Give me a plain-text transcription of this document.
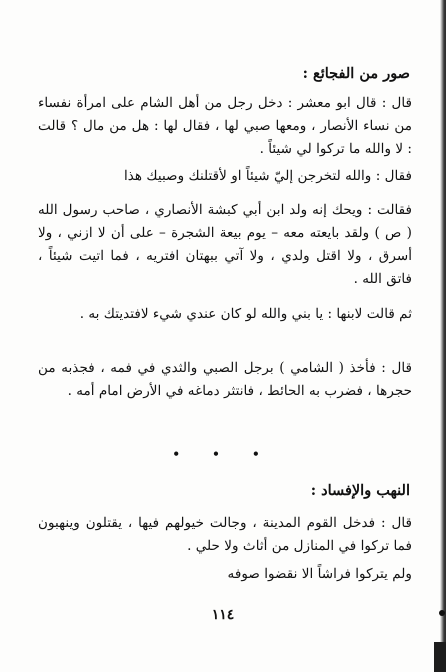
صور من الفجائع :

قال : قال ابو معشر : دخل رجل من أهل الشام على امرأة نفساء من نساء الأنصار ، ومعها صبي لها ، فقال لها : هل من مال ؟ قالت : لا والله ما تركوا لي شيئاً .

فقال : والله لتخرجن إليّ شيئاً او لأقتلنك وصبيك هذا

فقالت : ويحك إنه ولد ابن أبي كبشة الأنصاري ، صاحب رسول الله ( ص ) ولقد بايعته معه – يوم بيعة الشجرة – على أن لا ازني ، ولا أسرق ، ولا اقتل ولدي ، ولا آتي ببهتان افتريه ، فما اتيت شيئاً ، فاتق الله .

ثم قالت لابنها : يا بني والله لو كان عندي شيء لافتديتك به .

قال : فأخذ ( الشامي ) برجل الصبي والثدي في فمه ، فجذبه من حجرها ، فضرب به الحائط ، فانتثر دماغه في الأرض امام أمه .

• • •
النهب والإفساد :

قال : فدخل القوم المدينة ، وجالت خيولهم فيها ، يقتلون وينهبون فما تركوا في المنازل من أثاث ولا حلي .

ولم يتركوا فراشاً الا نقضوا صوفه

١١٤
